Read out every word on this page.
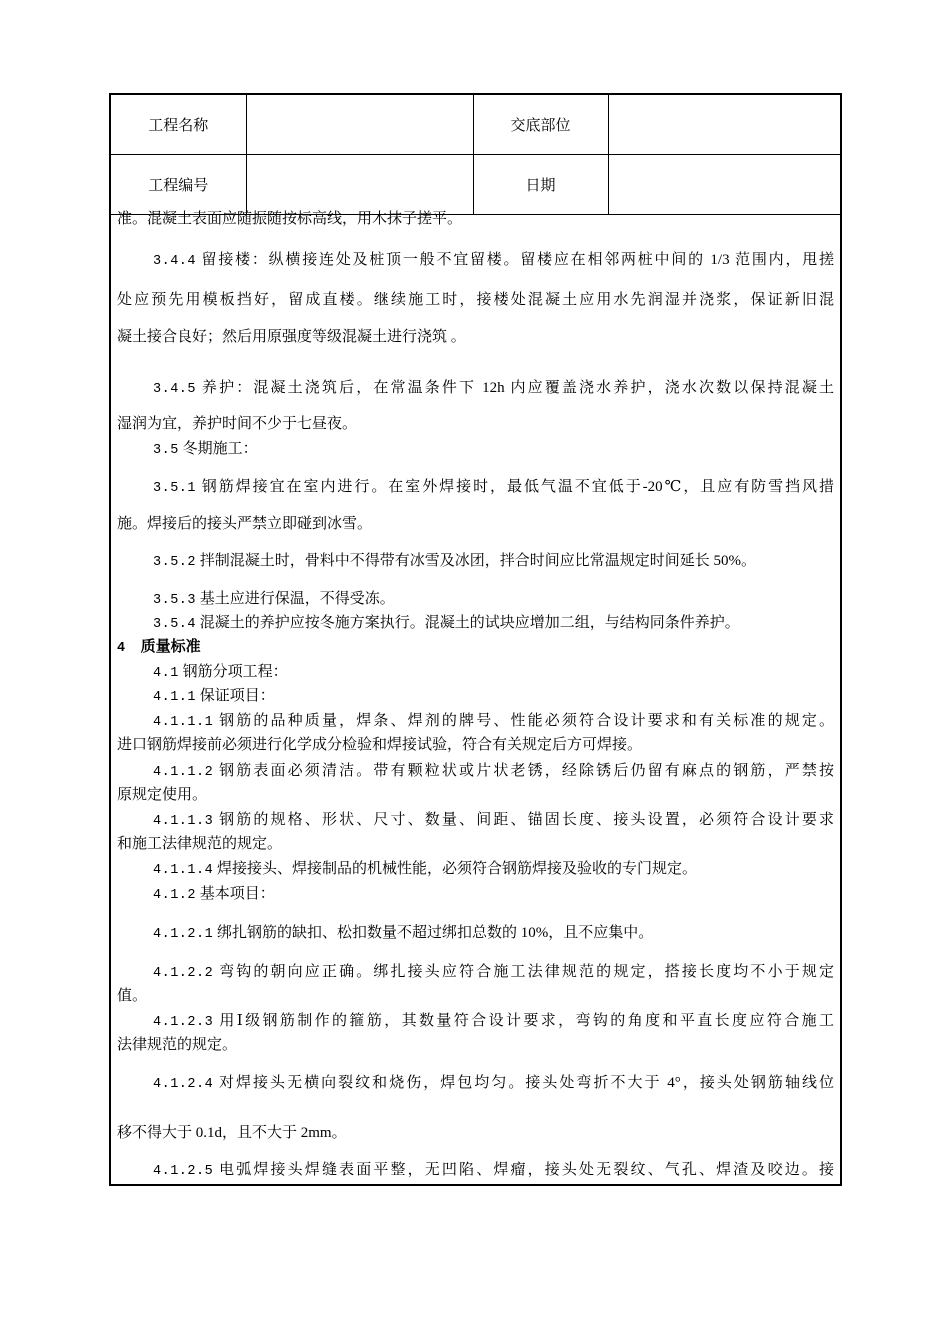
工程名称		交底部位	
工程编号		日期	
准。混凝土表面应随振随按标高线，用木抹子搓平。
3.4.4 留接楼：纵横接连处及桩顶一般不宜留楼。留楼应在相邻两桩中间的 1/3 范围内，甩搓
处应预先用模板挡好，留成直楼。继续施工时，接楼处混凝土应用水先润湿并浇浆，保证新旧混
凝土接合良好；然后用原强度等级混凝土进行浇筑 。
3.4.5 养护：混凝土浇筑后，在常温条件下 12h 内应覆盖浇水养护，浇水次数以保持混凝土
湿润为宜，养护时间不少于七昼夜。
3.5 冬期施工：
3.5.1 钢筋焊接宜在室内进行。在室外焊接时，最低气温不宜低于-20℃，且应有防雪挡风措
施。焊接后的接头严禁立即碰到冰雪。
3.5.2 拌制混凝土时，骨料中不得带有冰雪及冰团，拌合时间应比常温规定时间延长 50%。
3.5.3 基土应进行保温，不得受冻。
3.5.4 混凝土的养护应按冬施方案执行。混凝土的试块应增加二组，与结构同条件养护。
4 质量标准
4.1 钢筋分项工程：
4.1.1 保证项目：
4.1.1.1 钢筋的品种质量，焊条、焊剂的牌号、性能必须符合设计要求和有关标准的规定。
进口钢筋焊接前必须进行化学成分检验和焊接试验，符合有关规定后方可焊接。
4.1.1.2 钢筋表面必须清洁。带有颗粒状或片状老锈，经除锈后仍留有麻点的钢筋，严禁按
原规定使用。
4.1.1.3 钢筋的规格、形状、尺寸、数量、间距、锚固长度、接头设置，必须符合设计要求
和施工法律规范的规定。
4.1.1.4 焊接接头、焊接制品的机械性能，必须符合钢筋焊接及验收的专门规定。
4.1.2 基本项目：
4.1.2.1 绑扎钢筋的缺扣、松扣数量不超过绑扣总数的 10%，且不应集中。
4.1.2.2 弯钩的朝向应正确。绑扎接头应符合施工法律规范的规定，搭接长度均不小于规定
值。
4.1.2.3 用Ⅰ级钢筋制作的箍筋，其数量符合设计要求，弯钩的角度和平直长度应符合施工
法律规范的规定。
4.1.2.4 对焊接头无横向裂纹和烧伤，焊包均匀。接头处弯折不大于 4°，接头处钢筋轴线位
移不得大于 0.1d，且不大于 2mm。
4.1.2.5 电弧焊接头焊缝表面平整，无凹陷、焊瘤，接头处无裂纹、气孔、焊渣及咬边。接
